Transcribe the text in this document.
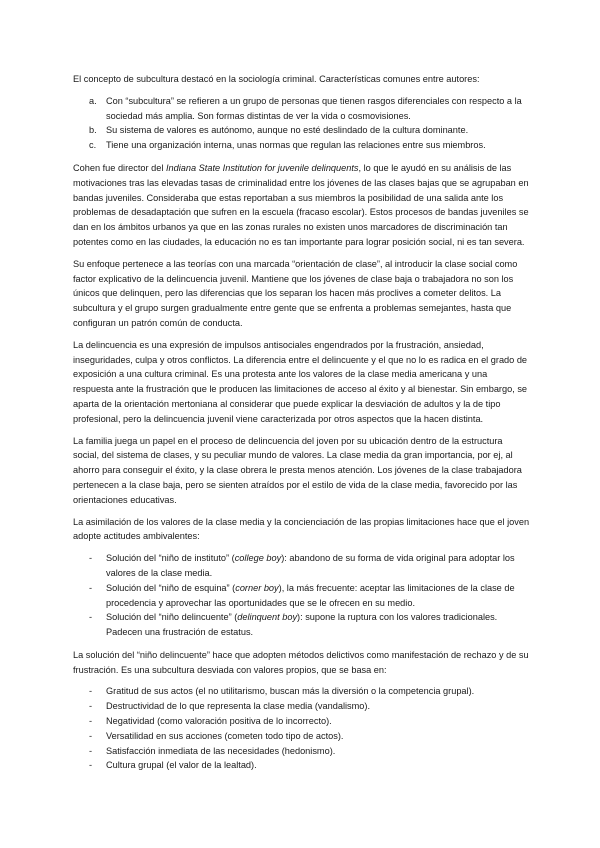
El concepto de subcultura destacó en la sociología criminal. Características comunes entre autores:

a. Con “subcultura” se refieren a un grupo de personas que tienen rasgos diferenciales con respecto a la sociedad más amplia. Son formas distintas de ver la vida o cosmovisiones.
b. Su sistema de valores es autónomo, aunque no esté deslindado de la cultura dominante.
c. Tiene una organización interna, unas normas que regulan las relaciones entre sus miembros.

Cohen fue director del Indiana State Institution for juvenile delinquents, lo que le ayudó en su análisis de las motivaciones tras las elevadas tasas de criminalidad entre los jóvenes de las clases bajas que se agrupaban en bandas juveniles. Consideraba que estas reportaban a sus miembros la posibilidad de una salida ante los problemas de desadaptación que sufren en la escuela (fracaso escolar). Estos procesos de bandas juveniles se dan en los ámbitos urbanos ya que en las zonas rurales no existen unos marcadores de discriminación tan potentes como en las ciudades, la educación no es tan importante para lograr posición social, ni es tan severa.

Su enfoque pertenece a las teorías con una marcada “orientación de clase”, al introducir la clase social como factor explicativo de la delincuencia juvenil. Mantiene que los jóvenes de clase baja o trabajadora no son los únicos que delinquen, pero las diferencias que los separan los hacen más proclives a cometer delitos. La subcultura y el grupo surgen gradualmente entre gente que se enfrenta a problemas semejantes, hasta que configuran un patrón común de conducta.

La delincuencia es una expresión de impulsos antisociales engendrados por la frustración, ansiedad, inseguridades, culpa y otros conflictos. La diferencia entre el delincuente y el que no lo es radica en el grado de exposición a una cultura criminal. Es una protesta ante los valores de la clase media americana y una respuesta ante la frustración que le producen las limitaciones de acceso al éxito y al bienestar. Sin embargo, se aparta de la orientación mertoniana al considerar que puede explicar la desviación de adultos y la de tipo profesional, pero la delincuencia juvenil viene caracterizada por otros aspectos que la hacen distinta.

La familia juega un papel en el proceso de delincuencia del joven por su ubicación dentro de la estructura social, del sistema de clases, y su peculiar mundo de valores. La clase media da gran importancia, por ej, al ahorro para conseguir el éxito, y la clase obrera le presta menos atención. Los jóvenes de la clase trabajadora pertenecen a la clase baja, pero se sienten atraídos por el estilo de vida de la clase media, favorecido por las orientaciones educativas.

La asimilación de los valores de la clase media y la concienciación de las propias limitaciones hace que el joven adopte actitudes ambivalentes:

- Solución del “niño de instituto” (college boy): abandono de su forma de vida original para adoptar los valores de la clase media.
- Solución del “niño de esquina” (corner boy), la más frecuente: aceptar las limitaciones de la clase de procedencia y aprovechar las oportunidades que se le ofrecen en su medio.
- Solución del “niño delincuente” (delinquent boy): supone la ruptura con los valores tradicionales. Padecen una frustración de estatus.

La solución del “niño delincuente” hace que adopten métodos delictivos como manifestación de rechazo y de su frustración. Es una subcultura desviada con valores propios, que se basa en:

- Gratitud de sus actos (el no utilitarismo, buscan más la diversión o la competencia grupal).
- Destructividad de lo que representa la clase media (vandalismo).
- Negatividad (como valoración positiva de lo incorrecto).
- Versatilidad en sus acciones (cometen todo tipo de actos).
- Satisfacción inmediata de las necesidades (hedonismo).
- Cultura grupal (el valor de la lealtad).
